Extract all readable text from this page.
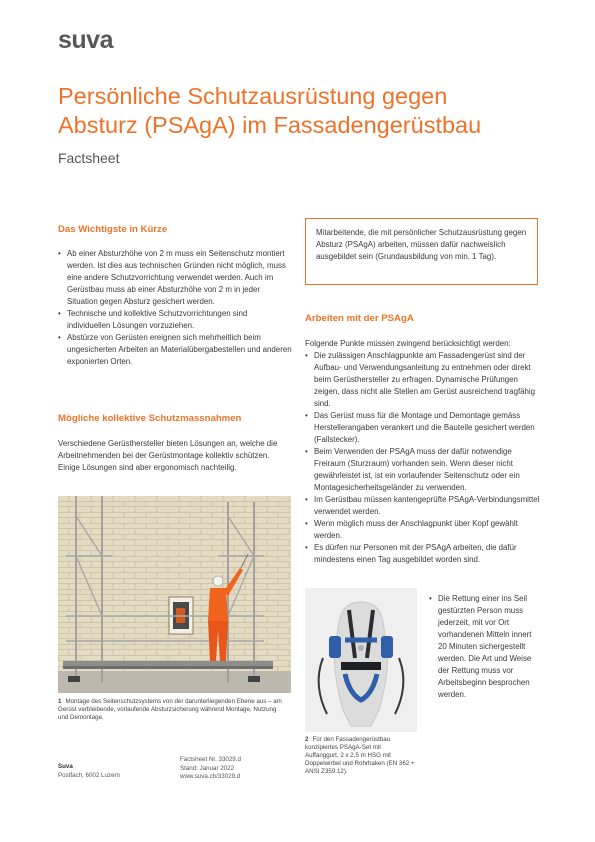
suva
Persönliche Schutzausrüstung gegen
Absturz (PSAgA) im Fassadengerüstbau
Factsheet
Das Wichtigste in Kürze
• Ab einer Absturzhöhe von 2 m muss ein Seitenschutz montiert werden. Ist dies aus technischen Gründen nicht möglich, muss eine andere Schutzvorrichtung verwendet werden. Auch im Gerüstbau muss ab einer Absturzhöhe von 2 m in jeder Situation gegen Absturz gesichert werden.
• Technische und kollektive Schutzvorrichtungen sind individuellen Lösungen vorzuziehen.
• Abstürze von Gerüsten ereignen sich mehrheitlich beim ungesicherten Arbeiten an Materialübergabestellen und anderen exponierten Orten.
Mögliche kollektive Schutzmassnahmen
Verschiedene Gerüsthersteller bieten Lösungen an, welche die Arbeitnehmenden bei der Gerüstmontage kollektiv schützen. Einige Lösungen sind aber ergonomisch nachteilig.
1 Montage des Seitenschutzsystems von der darunterliegenden Ebene aus – am Gerüst verbleibende, vorlaufende Absturzsicherung während Montage, Nutzung und Demontage.
Mitarbeitende, die mit persönlicher Schutzausrüstung gegen Absturz (PSAgA) arbeiten, müssen dafür nachweislich ausgebildet sein (Grundausbildung von min. 1 Tag).
Arbeiten mit der PSAgA
Folgende Punkte müssen zwingend berücksichtigt werden:
• Die zulässigen Anschlagpunkte am Fassadengerüst sind der Aufbau- und Verwendungsanleitung zu entnehmen oder direkt beim Gerüsthersteller zu erfragen. Dynamische Prüfungen zeigen, dass nicht alle Stellen am Gerüst ausreichend tragfähig sind.
• Das Gerüst muss für die Montage und Demontage gemäss Herstellerangaben verankert und die Bauteile gesichert werden (Fallstecker).
• Beim Verwenden der PSAgA muss der dafür notwendige Freiraum (Sturzraum) vorhanden sein. Wenn dieser nicht gewährleistet ist, ist ein vorlaufender Seitenschutz oder ein Montagesicherheitsgeländer zu verwenden.
• Im Gerüstbau müssen kantengeprüfte PSAgA-Verbindungsmittel verwendet werden.
• Wenn möglich muss der Anschlagpunkt über Kopf gewählt werden.
• Es dürfen nur Personen mit der PSAgA arbeiten, die dafür mindestens einen Tag ausgebildet worden sind.
• Die Rettung einer ins Seil gestürzten Person muss jederzeit, mit vor Ort vorhandenen Mitteln innert 20 Minuten sichergestellt werden. Die Art und Weise der Rettung muss vor Arbeitsbeginn besprochen werden.
2 Für den Fassadengerüstbau konzipiertes PSAgA-Set mit Auffanggurt, 2 x 2,5 m HSG mit Doppelwirbel und Rohrhaken (EN 362 + ANSI Z359.12).
Suva
Postfach, 6002 Luzern
Factsheet Nr. 33029.d
Stand: Januar 2022
www.suva.ch/33029.d
